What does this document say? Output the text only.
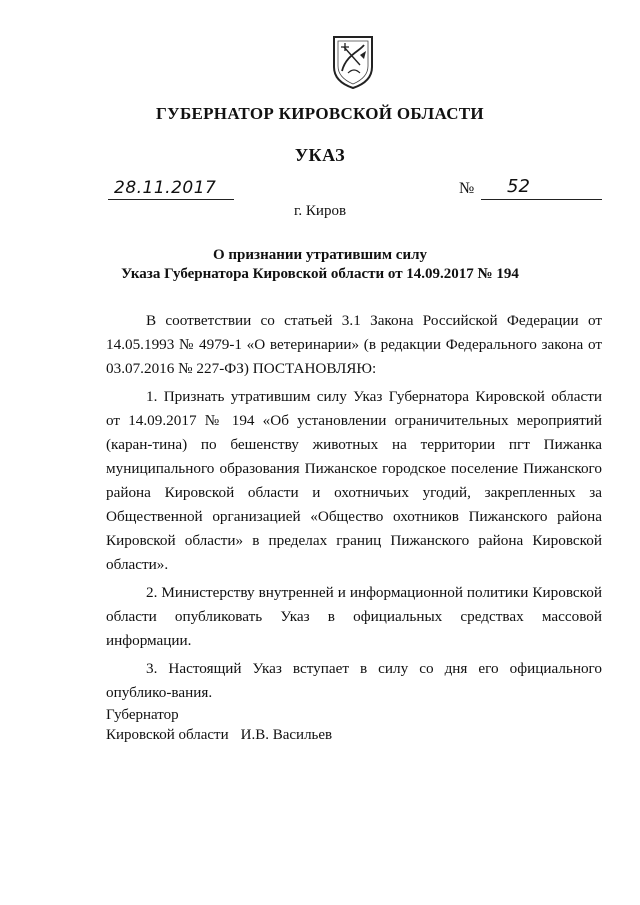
ГУБЕРНАТОР КИРОВСКОЙ ОБЛАСТИ
УКАЗ
28.11.2017	№ 52
г. Киров
О признании утратившим силу
Указа Губернатора Кировской области от 14.09.2017 № 194

В соответствии со статьей 3.1 Закона Российской Федерации от 14.05.1993 № 4979-1 «О ветеринарии» (в редакции Федерального закона от 03.07.2016 № 227-ФЗ) ПОСТАНОВЛЯЮ:

1. Признать утратившим силу Указ Губернатора Кировской области от 14.09.2017 № 194 «Об установлении ограничительных мероприятий (каран-тина) по бешенству животных на территории пгт Пижанка муниципального образования Пижанское городское поселение Пижанского района Кировской области и охотничьих угодий, закрепленных за Общественной организацией «Общество охотников Пижанского района Кировской области» в пределах границ Пижанского района Кировской области».

2. Министерству внутренней и информационной политики Кировской области опубликовать Указ в официальных средствах массовой информации.

3. Настоящий Указ вступает в силу со дня его официального опублико-вания.

Губернатор
Кировской области И.В. Васильев
